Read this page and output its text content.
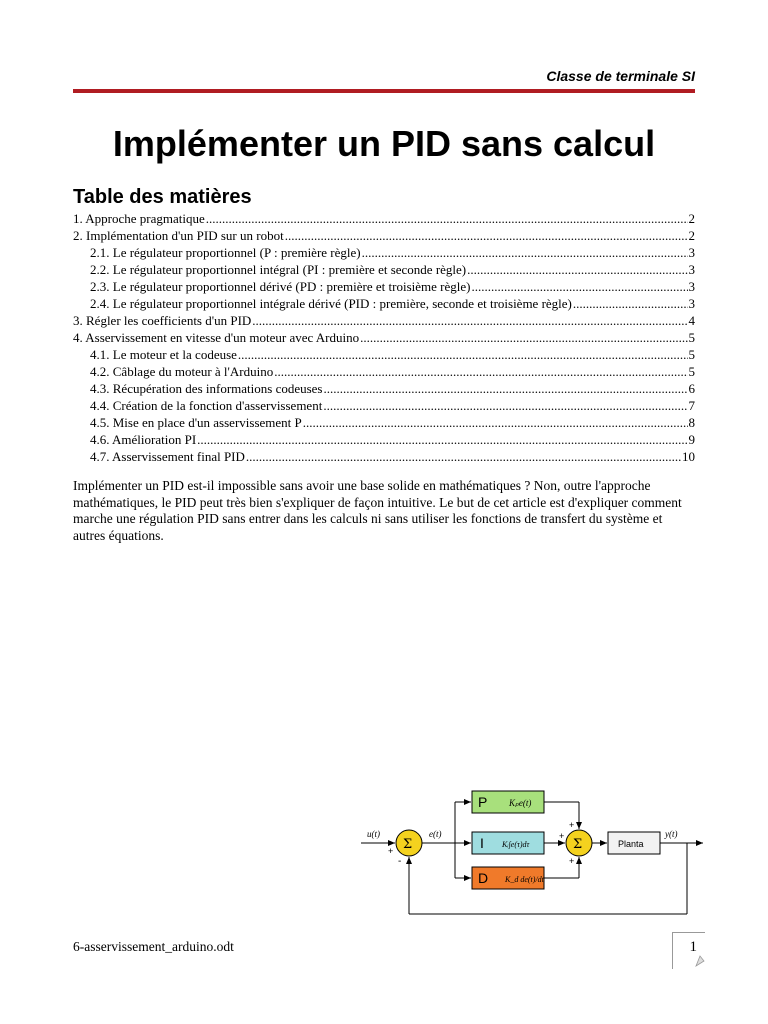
Classe de terminale SI
Implémenter un PID sans calcul
Table des matières
1. Approche pragmatique .....	2
2. Implémentation d'un PID sur un robot .....	2
2.1. Le régulateur proportionnel (P : première règle) .....	3
2.2. Le régulateur proportionnel intégral (PI : première et seconde règle) .....	3
2.3. Le régulateur proportionnel dérivé (PD : première et troisième règle) .....	3
2.4. Le régulateur proportionnel intégrale dérivé (PID : première, seconde et troisième règle) .....	3
3. Régler les coefficients d'un PID .....	4
4. Asservissement en vitesse d'un moteur avec Arduino .....	5
4.1. Le moteur et la codeuse .....	5
4.2. Câblage du moteur à l'Arduino .....	5
4.3. Récupération des informations codeuses .....	6
4.4. Création de la fonction d'asservissement .....	7
4.5. Mise en place d'un asservissement P .....	8
4.6. Amélioration PI .....	9
4.7. Asservissement final PID .....	10
Implémenter un PID est-il impossible sans avoir une base solide en mathématiques ? Non, outre l'approche mathématiques, le PID peut très bien s'expliquer de façon intuitive. Le but de cet article est d'expliquer comment marche une régulation PID sans entrer dans les calculs ni sans utiliser les fonctions de transfert du système et autres équations.
u(t)
Σ
+
-
e(t)
P Kₚe(t)
I Kᵢ∫e(τ)dτ
D K_d de(t)/dt
+
+
+
Σ	Planta
y(t)
6-asservissement_arduino.odt	1
